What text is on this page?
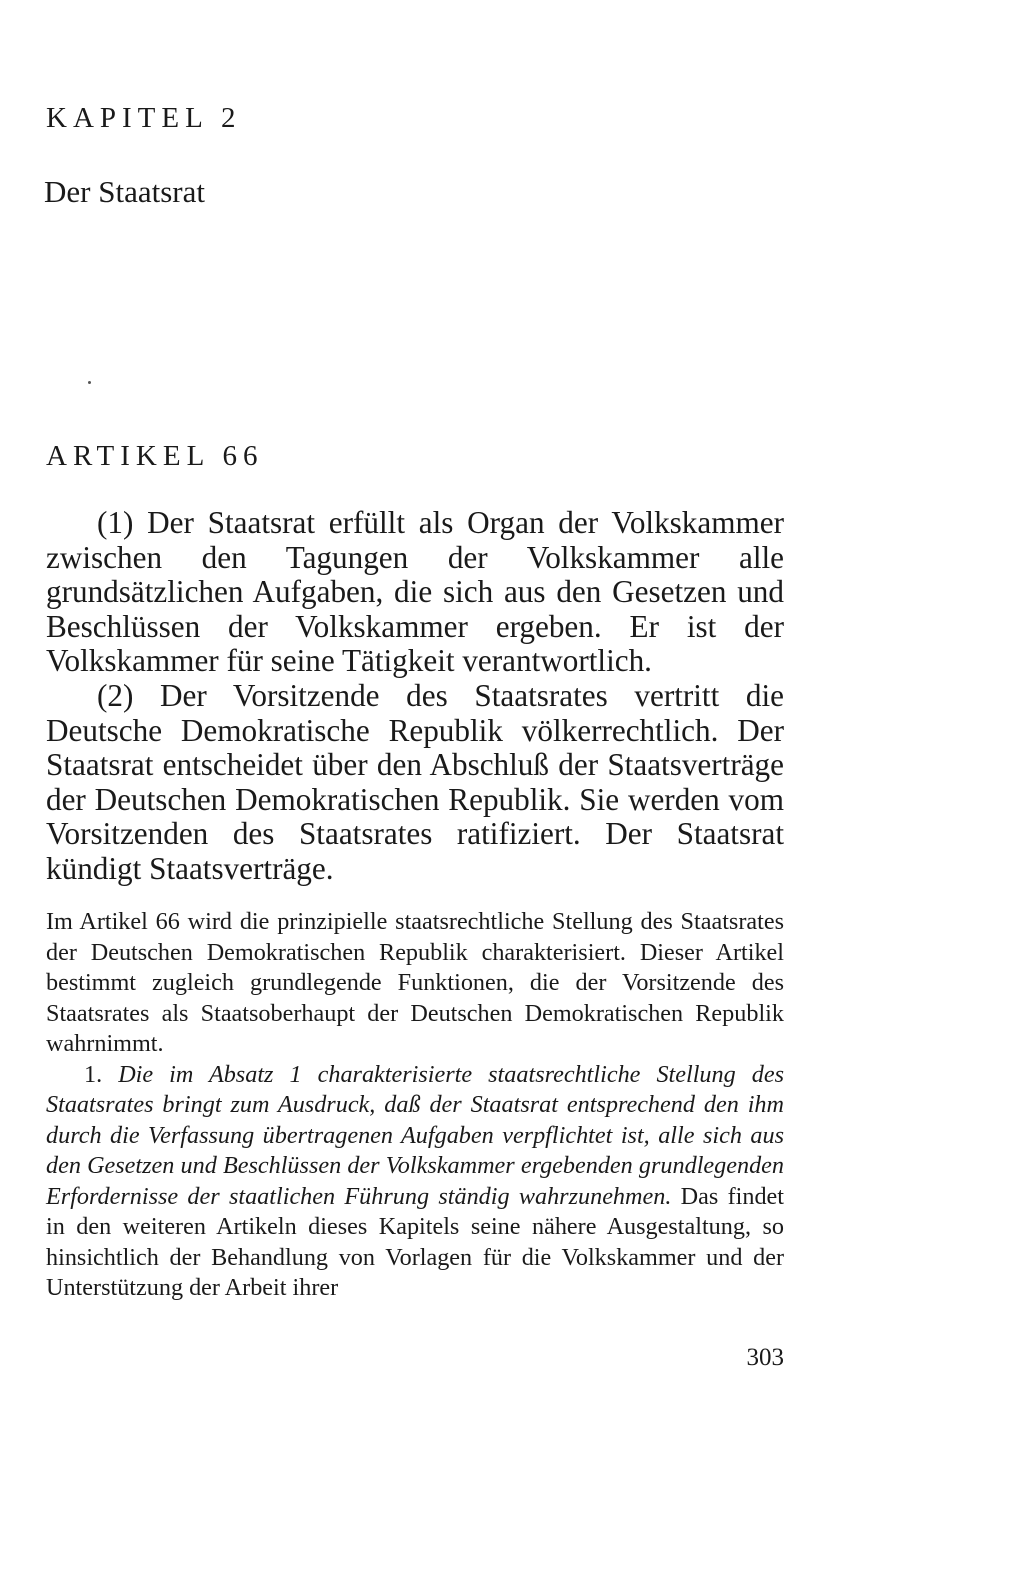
KAPITEL 2
Der Staatsrat
ARTIKEL 66

(1) Der Staatsrat erfüllt als Organ der Volkskammer zwischen den Tagungen der Volkskammer alle grundsätzlichen Aufgaben, die sich aus den Gesetzen und Beschlüssen der Volkskammer ergeben. Er ist der Volkskammer für seine Tätigkeit verantwortlich.

(2) Der Vorsitzende des Staatsrates vertritt die Deutsche Demokratische Republik völkerrechtlich. Der Staatsrat entscheidet über den Abschluß der Staatsverträge der Deutschen Demokratischen Republik. Sie werden vom Vorsitzenden des Staatsrates ratifiziert. Der Staatsrat kündigt Staatsverträge.

Im Artikel 66 wird die prinzipielle staatsrechtliche Stellung des Staatsrates der Deutschen Demokratischen Republik charakterisiert. Dieser Artikel bestimmt zugleich grundlegende Funktionen, die der Vorsitzende des Staatsrates als Staatsoberhaupt der Deutschen Demokratischen Republik wahrnimmt.

1. Die im Absatz 1 charakterisierte staatsrechtliche Stellung des Staatsrates bringt zum Ausdruck, daß der Staatsrat entsprechend den ihm durch die Verfassung übertragenen Aufgaben verpflichtet ist, alle sich aus den Gesetzen und Beschlüssen der Volkskammer ergebenden grundlegenden Erfordernisse der staatlichen Führung ständig wahrzunehmen. Das findet in den weiteren Artikeln dieses Kapitels seine nähere Ausgestaltung, so hinsichtlich der Behandlung von Vorlagen für die Volkskammer und der Unterstützung der Arbeit ihrer

303
